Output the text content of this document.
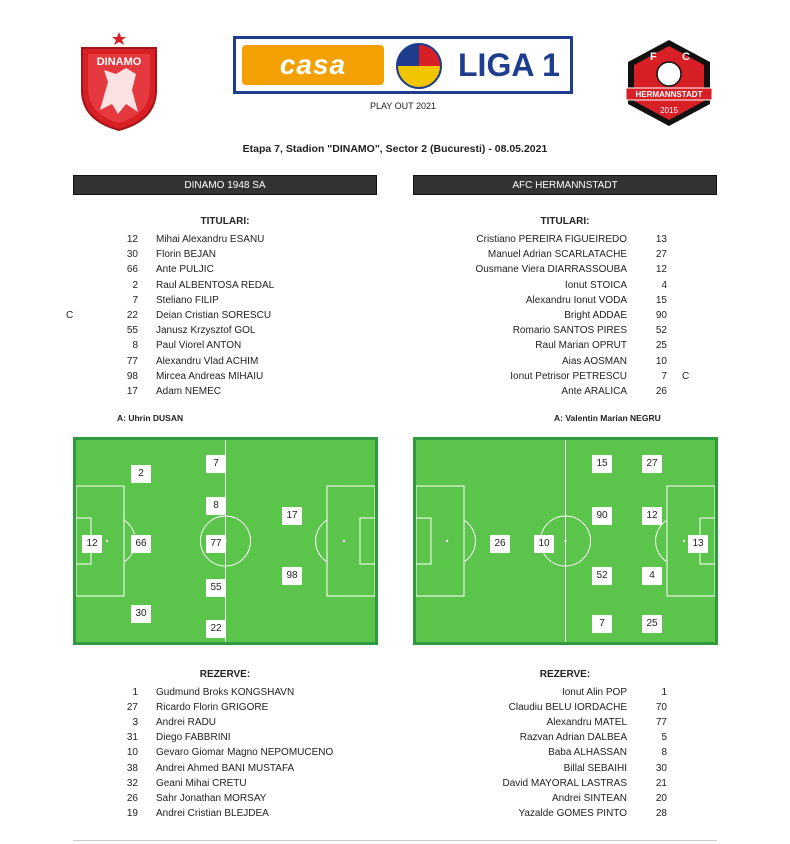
DINAMO	casa	LIGA 1	F C
HERMANNSTADT
2015
PLAY OUT 2021
Etapa 7, Stadion "DINAMO", Sector 2 (Bucuresti) - 08.05.2021
DINAMO 1948 SA	AFC HERMANNSTADT
TITULARI:	TITULARI:
12 Mihai Alexandru ESANU
30 Florin BEJAN
66 Ante PULJIC
2 Raul ALBENTOSA REDAL
7 Steliano FILIP
C	22 Deian Cristian SORESCU
55 Janusz Krzysztof GOL
8 Paul Viorel ANTON
77 Alexandru Vlad ACHIM
98 Mircea Andreas MIHAIU
17 Adam NEMEC
Cristiano PEREIRA FIGUEIREDO	13
Manuel Adrian SCARLATACHE	27
Ousmane Viera DIARRASSOUBA	12
Ionut STOICA	4
Alexandru Ionut VODA	15
Bright ADDAE	90
Romario SANTOS PIRES	52
Raul Marian OPRUT	25
Aias AOSMAN	10
Ionut Petrisor PETRESCU	7 C
Ante ARALICA	26
A: Uhrin DUSAN	A: Valentin Marian NEGRU
12
2
66
30
7
8
77
55
22
17
98
26	10
15
7
90
52
27
12
4
25
13
REZERVE:	REZERVE:
1 Gudmund Broks KONGSHAVN
27 Ricardo Florin GRIGORE
3 Andrei RADU
31 Diego FABBRINI
10 Gevaro Giomar Magno NEPOMUCENO
38 Andrei Ahmed BANI MUSTAFA
32 Geani Mihai CRETU
26 Sahr Jonathan MORSAY
19 Andrei Cristian BLEJDEA
Ionut Alin POP	1
Claudiu BELU IORDACHE	70
Alexandru MATEL	77
Razvan Adrian DALBEA	5
Baba ALHASSAN	8
Billal SEBAIHI	30
David MAYORAL LASTRAS	21
Andrei SINTEAN	20
Yazalde GOMES PINTO	28
